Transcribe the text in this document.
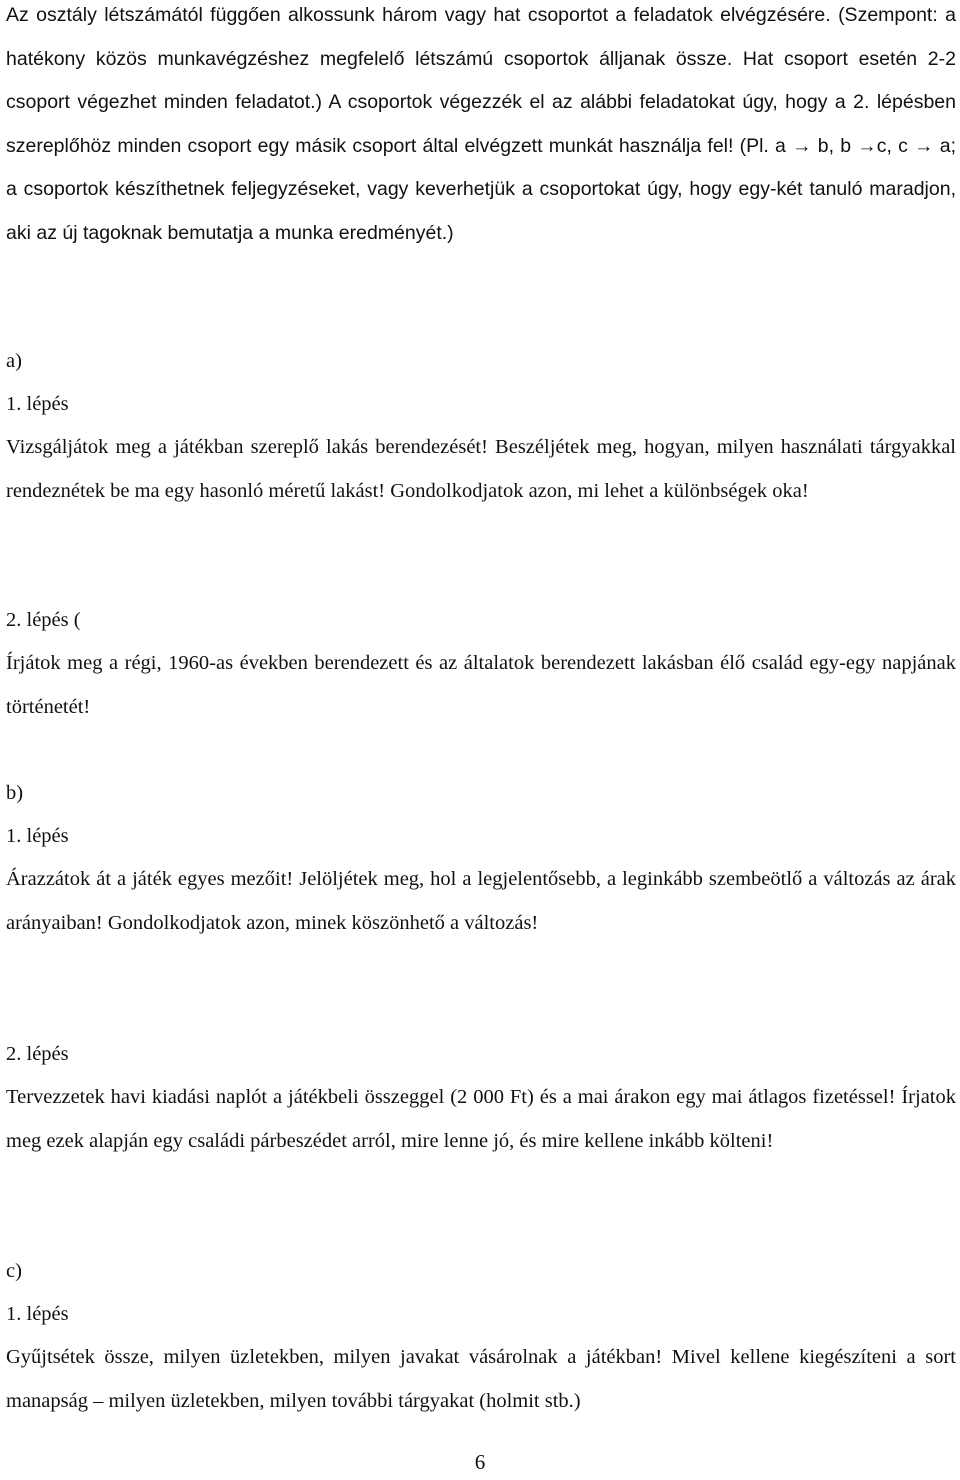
Az osztály létszámától függően alkossunk három vagy hat csoportot a feladatok elvégzésére. (Szempont: a hatékony közös munkavégzéshez megfelelő létszámú csoportok álljanak össze. Hat csoport esetén 2-2 csoport végezhet minden feladatot.) A csoportok végezzék el az alábbi feladatokat úgy, hogy a 2. lépésben szereplőhöz minden csoport egy másik csoport által elvégzett munkát használja fel! (Pl. a → b, b →c, c → a; a csoportok készíthetnek feljegyzéseket, vagy keverhetjük a csoportokat úgy, hogy egy-két tanuló maradjon, aki az új tagoknak bemutatja a munka eredményét.)

a)

1. lépés

Vizsgáljátok meg a játékban szereplő lakás berendezését! Beszéljétek meg, hogyan, milyen használati tárgyakkal rendeznétek be ma egy hasonló méretű lakást! Gondolkodjatok azon, mi lehet a különbségek oka!

2. lépés (

Írjátok meg a régi, 1960-as években berendezett és az általatok berendezett lakásban élő család egy-egy napjának történetét!

b)

1. lépés

Árazzátok át a játék egyes mezőit! Jelöljétek meg, hol a legjelentősebb, a leginkább szembeötlő a változás az árak arányaiban! Gondolkodjatok azon, minek köszönhető a változás!

2. lépés

Tervezzetek havi kiadási naplót a játékbeli összeggel (2 000 Ft) és a mai árakon egy mai átlagos fizetéssel! Írjatok meg ezek alapján egy családi párbeszédet arról, mire lenne jó, és mire kellene inkább költeni!

c)

1. lépés

Gyűjtsétek össze, milyen üzletekben, milyen javakat vásárolnak a játékban! Mivel kellene kiegészíteni a sort manapság – milyen üzletekben, milyen további tárgyakat (holmit stb.)

6
